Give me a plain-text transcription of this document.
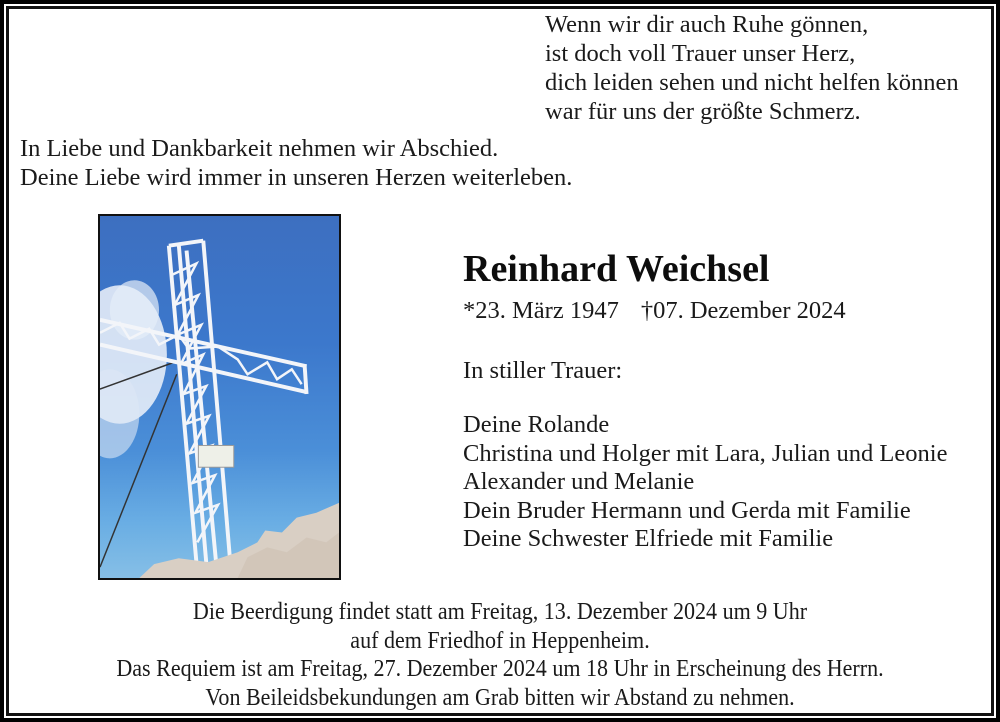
Wenn wir dir auch Ruhe gönnen,
ist doch voll Trauer unser Herz,
dich leiden sehen und nicht helfen können
war für uns der größte Schmerz.
In Liebe und Dankbarkeit nehmen wir Abschied.
Deine Liebe wird immer in unseren Herzen weiterleben.
Reinhard Weichsel
*23. März 1947 †07. Dezember 2024
In stiller Trauer:
Deine Rolande
Christina und Holger mit Lara, Julian und Leonie
Alexander und Melanie
Dein Bruder Hermann und Gerda mit Familie
Deine Schwester Elfriede mit Familie
Die Beerdigung findet statt am Freitag, 13. Dezember 2024 um 9 Uhr
auf dem Friedhof in Heppenheim.
Das Requiem ist am Freitag, 27. Dezember 2024 um 18 Uhr in Erscheinung des Herrn.
Von Beileidsbekundungen am Grab bitten wir Abstand zu nehmen.
